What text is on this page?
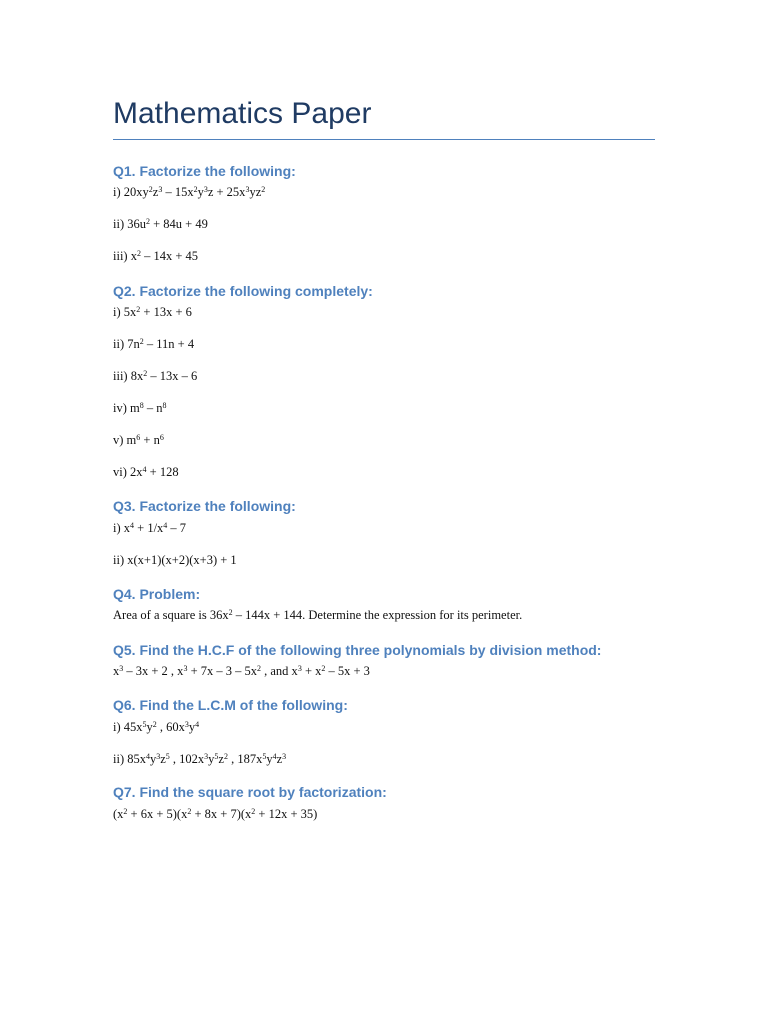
Mathematics Paper
Q1. Factorize the following:
i) $20xy^2z^3 - 15x^2y^3z + 25x^3yz^2$
ii) $36u^2 + 84u + 49$
iii) $x^2 - 14x + 45$
Q2. Factorize the following completely:
i) $5x^2 + 13x + 6$
ii) $7n^2 - 11n + 4$
iii) $8x^2 - 13x - 6$
iv) $m^8 - n^8$
v) $m^6 + n^6$
vi) $2x^4 + 128$
Q3. Factorize the following:
i) $x^4 + 1/x^4 - 7$
ii) x(x+1)(x+2)(x+3) + 1
Q4. Problem:
Area of a square is $36x^2 - 144x + 144$. Determine the expression for its perimeter.
Q5. Find the H.C.F of the following three polynomials by division method:
$x^3 - 3x + 2$ , $x^3 + 7x - 3 - 5x^2$ , and $x^3 + x^2 - 5x + 3$
Q6. Find the L.C.M of the following:
i) $45x^5y^2$ , $60x^3y^4$
ii) $85x^4y^3z^5$ , $102x^3y^5z^2$ , $187x^5y^4z^3$
Q7. Find the square root by factorization:
$(x^2 + 6x + 5)(x^2 + 8x + 7)(x^2 + 12x + 35)$
